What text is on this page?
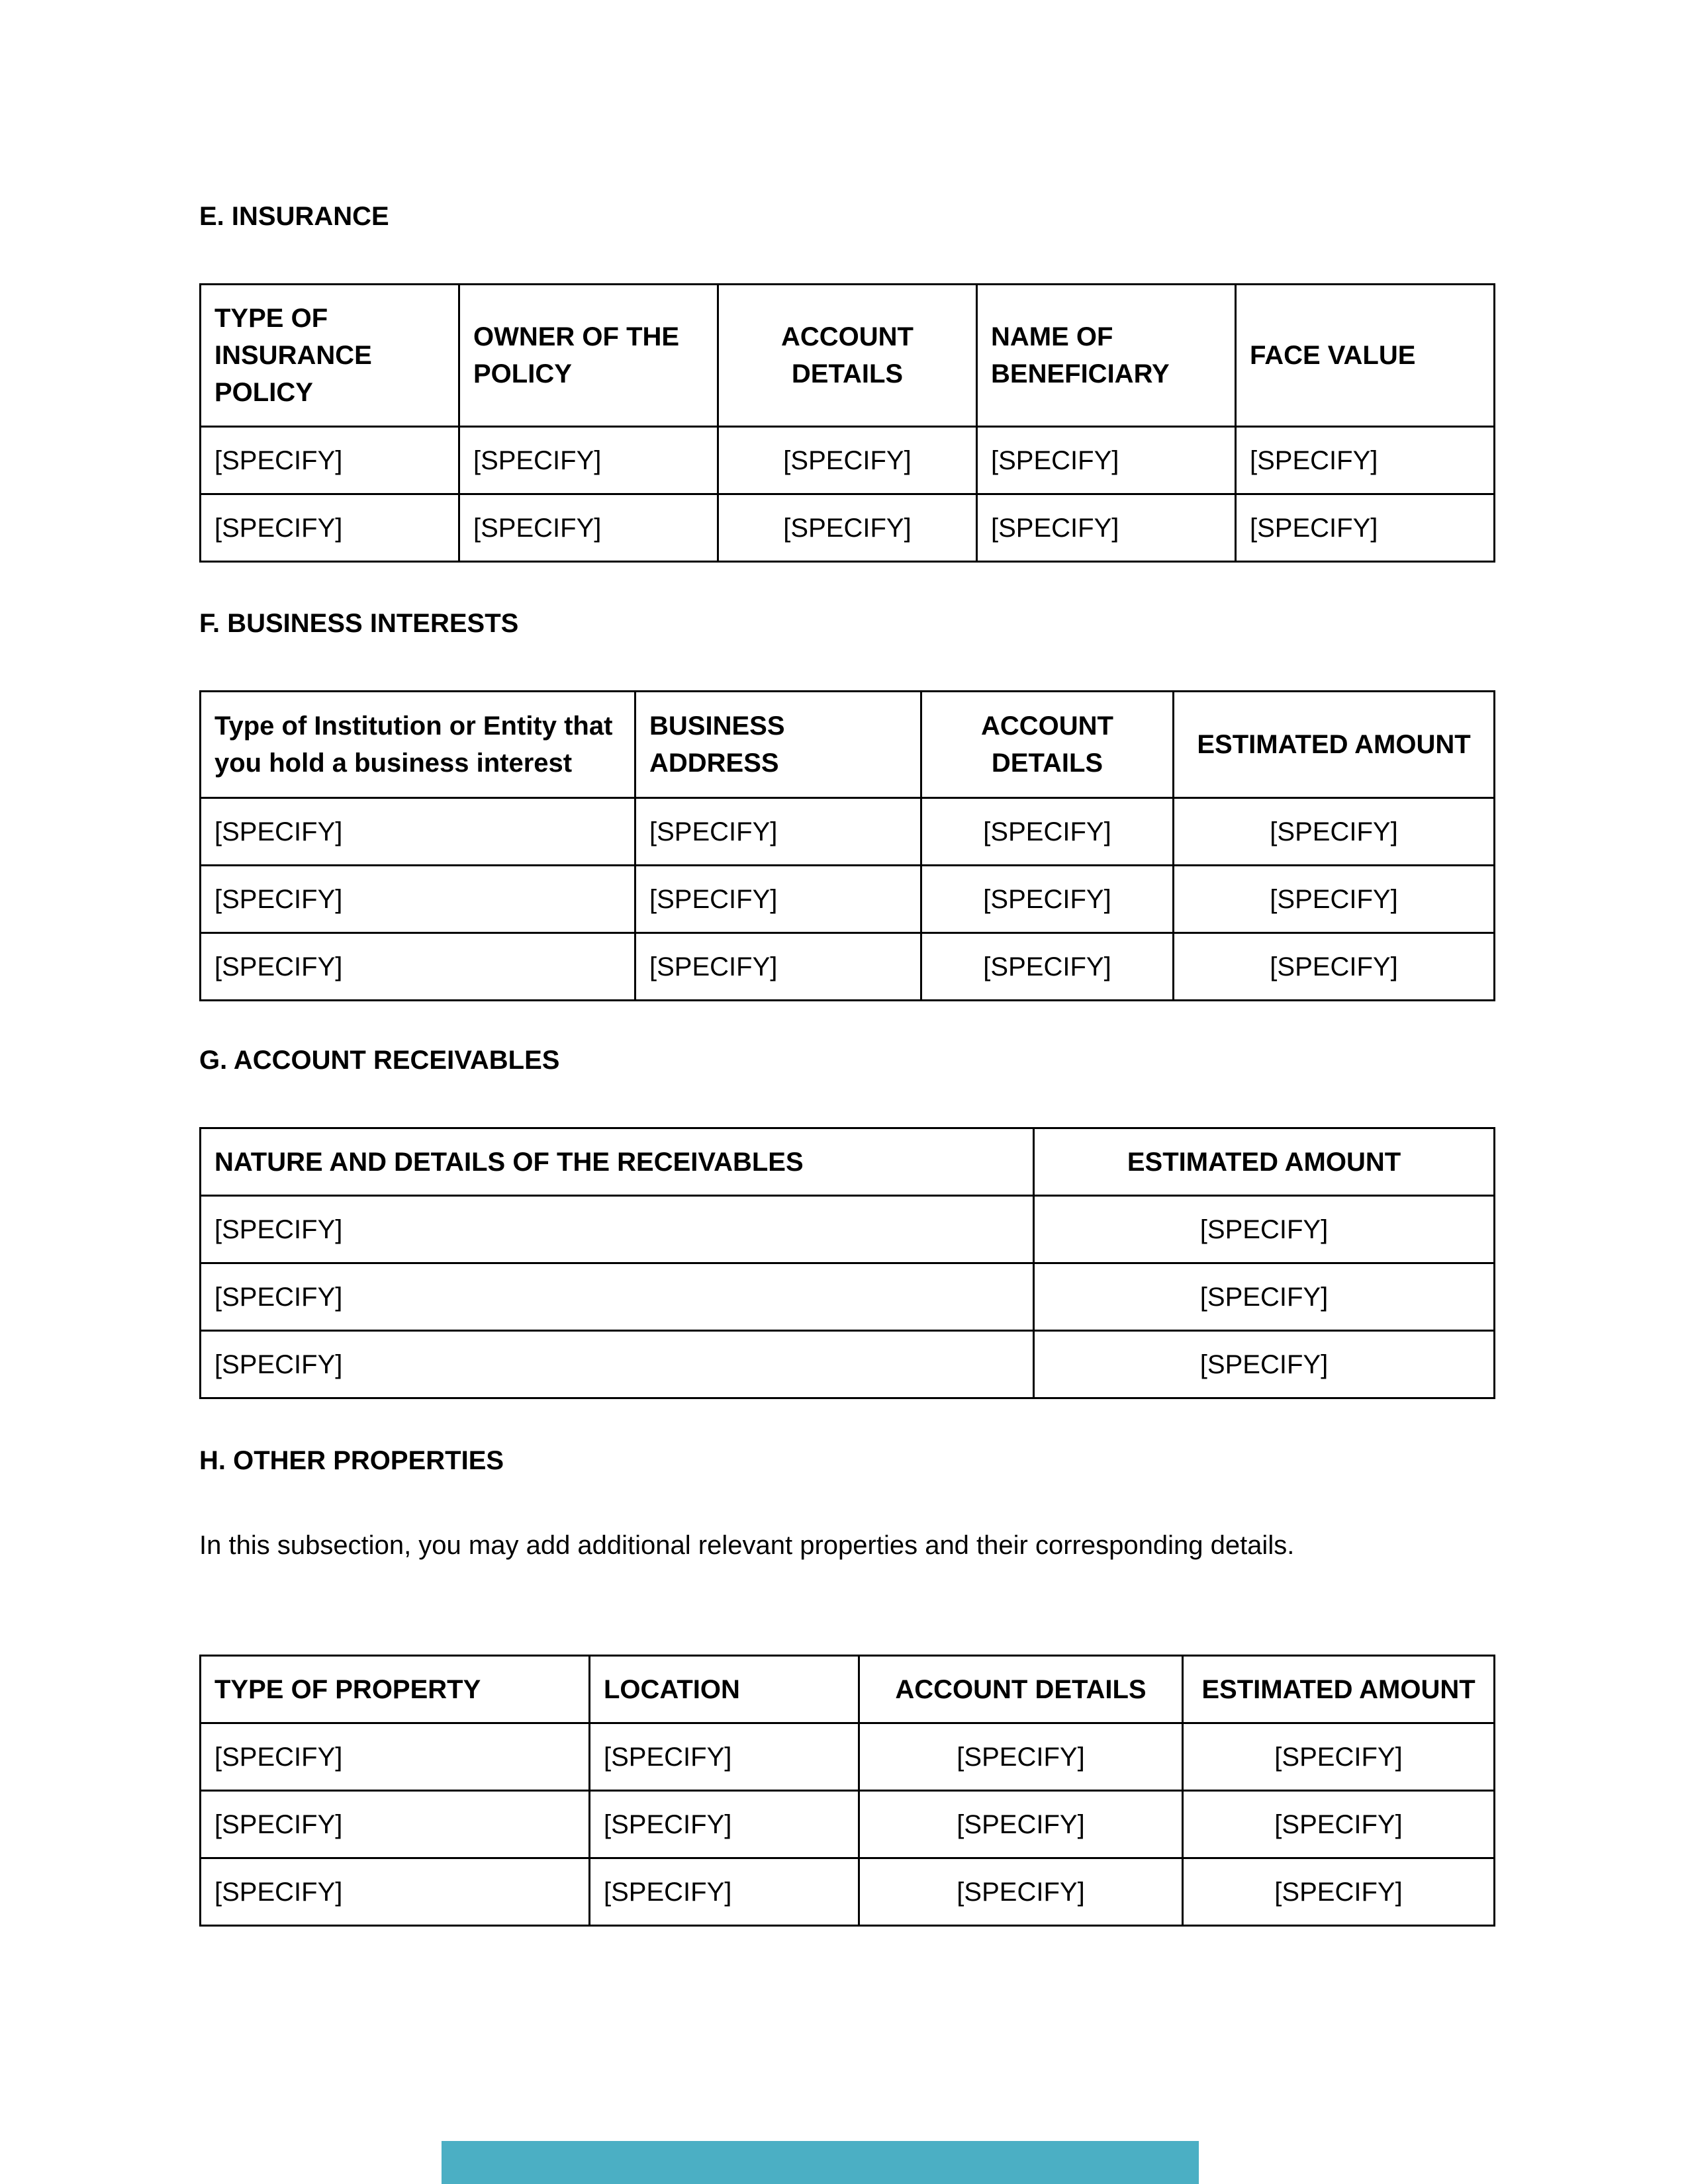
E. INSURANCE
TYPE OF INSURANCE POLICY	OWNER OF THE POLICY	ACCOUNT DETAILS	NAME OF BENEFICIARY	FACE VALUE
[SPECIFY]	[SPECIFY]	[SPECIFY]	[SPECIFY]	[SPECIFY]
[SPECIFY]	[SPECIFY]	[SPECIFY]	[SPECIFY]	[SPECIFY]
F. BUSINESS INTERESTS
Type of Institution or Entity that you hold a business interest	BUSINESS ADDRESS	ACCOUNT DETAILS	ESTIMATED AMOUNT
[SPECIFY]	[SPECIFY]	[SPECIFY]	[SPECIFY]
[SPECIFY]	[SPECIFY]	[SPECIFY]	[SPECIFY]
[SPECIFY]	[SPECIFY]	[SPECIFY]	[SPECIFY]
G. ACCOUNT RECEIVABLES
NATURE AND DETAILS OF THE RECEIVABLES	ESTIMATED AMOUNT
[SPECIFY]	[SPECIFY]
[SPECIFY]	[SPECIFY]
[SPECIFY]	[SPECIFY]
H. OTHER PROPERTIES

In this subsection, you may add additional relevant properties and their corresponding details.

TYPE OF PROPERTY	LOCATION	ACCOUNT DETAILS	ESTIMATED AMOUNT
[SPECIFY]	[SPECIFY]	[SPECIFY]	[SPECIFY]
[SPECIFY]	[SPECIFY]	[SPECIFY]	[SPECIFY]
[SPECIFY]	[SPECIFY]	[SPECIFY]	[SPECIFY]
